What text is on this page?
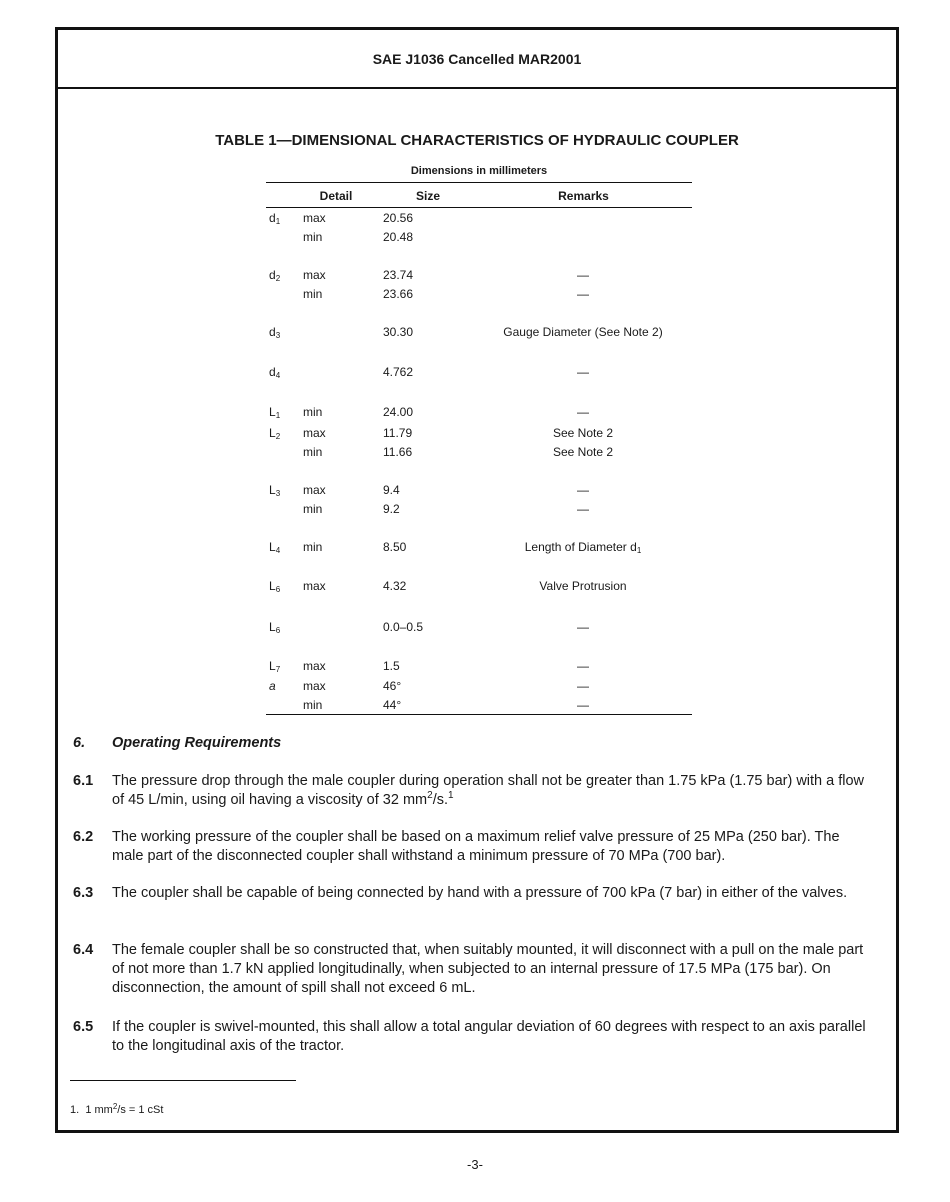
SAE J1036 Cancelled MAR2001
TABLE 1—DIMENSIONAL CHARACTERISTICS OF HYDRAULIC COUPLER
Dimensions in millimeters
Detail	Size	Remarks
$d_1$ max	20.56
min	20.48
$d_2$ max	23.74	—
min	23.66	—
$d_3$	30.30	Gauge Diameter (See Note 2)
$d_4$	4.762	—
$L_1$ min	24.00	—
$L_2$ max	11.79	See Note 2
min	11.66	See Note 2
$L_3$ max	9.4	—
min	9.2	—
$L_4$ min	8.50	Length of Diameter $d_1$
$L_6$ max	4.32	Valve Protrusion
$L_6$	0.0–0.5	—
$L_7$ max	1.5	—
a max	46°	—
min	44°	—
6. Operating Requirements
6.1 The pressure drop through the male coupler during operation shall not be greater than 1.75 kPa (1.75 bar) with a flow of 45 L/min, using oil having a viscosity of 32 $mm^2/s.^1$
6.2 The working pressure of the coupler shall be based on a maximum relief valve pressure of 25 MPa (250 bar). The male part of the disconnected coupler shall withstand a minimum pressure of 70 MPa (700 bar).
6.3 The coupler shall be capable of being connected by hand with a pressure of 700 kPa (7 bar) in either of the valves.
6.4 The female coupler shall be so constructed that, when suitably mounted, it will disconnect with a pull on the male part of not more than 1.7 kN applied longitudinally, when subjected to an internal pressure of 17.5 MPa (175 bar). On disconnection, the amount of spill shall not exceed 6 mL.
6.5 If the coupler is swivel-mounted, this shall allow a total angular deviation of 60 degrees with respect to an axis parallel to the longitudinal axis of the tractor.
1. 1 $mm^2/s = 1$ cSt
-3-
